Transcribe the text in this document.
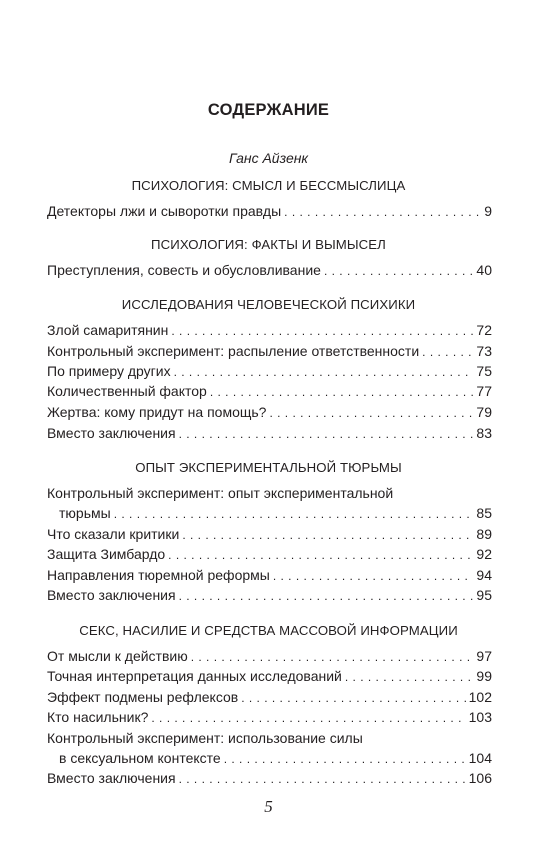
СОДЕРЖАНИЕ
Ганс Айзенк
ПСИХОЛОГИЯ: СМЫСЛ И БЕССМЫСЛИЦА
Детекторы лжи и сыворотки правды . . .	9
ПСИХОЛОГИЯ: ФАКТЫ И ВЫМЫСЕЛ
Преступления, совесть и обусловливание . . .	40
ИССЛЕДОВАНИЯ ЧЕЛОВЕЧЕСКОЙ ПСИХИКИ
Злой самаритянин . . .	72
Контрольный эксперимент: распыление ответственности . . .	73
По примеру других . . .	75
Количественный фактор . . .	77
Жертва: кому придут на помощь? . . .	79
Вместо заключения . . .	83
ОПЫТ ЭКСПЕРИМЕНТАЛЬНОЙ ТЮРЬМЫ
Контрольный эксперимент: опыт экспериментальной
тюрьмы . . .	85
Что сказали критики . . .	89
Защита Зимбардо . . .	92
Направления тюремной реформы . . .	94
Вместо заключения . . .	95
СЕКС, НАСИЛИЕ И СРЕДСТВА МАССОВОЙ ИНФОРМАЦИИ
От мысли к действию . . .	97
Точная интерпретация данных исследований . . .	99
Эффект подмены рефлексов . . .	102
Кто насильник? . . .	103
Контрольный эксперимент: использование силы
в сексуальном контексте . . .	104
Вместо заключения . . .	106
5
